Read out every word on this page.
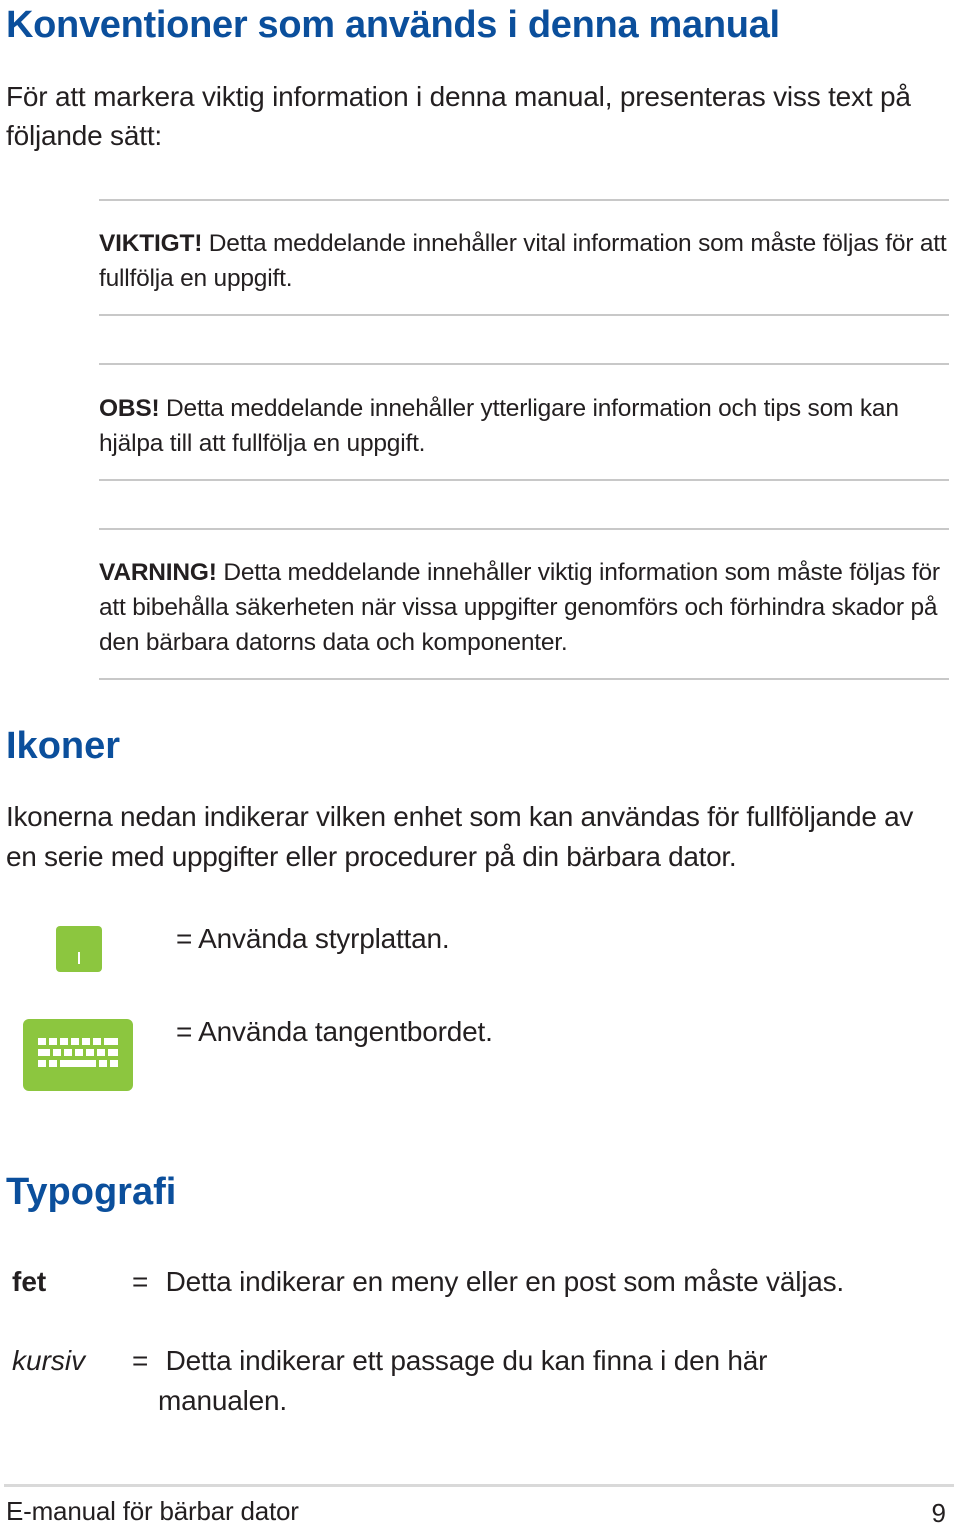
Konventioner som används i denna manual
För att markera viktig information i denna manual, presenteras viss text på följande sätt:
VIKTIGT! Detta meddelande innehåller vital information som måste följas för att fullfölja en uppgift.
OBS! Detta meddelande innehåller ytterligare information och tips som kan hjälpa till att fullfölja en uppgift.
VARNING! Detta meddelande innehåller viktig information som måste följas för att bibehålla säkerheten när vissa uppgifter genomförs och förhindra skador på den bärbara datorns data och komponenter.
Ikoner
Ikonerna nedan indikerar vilken enhet som kan användas för fullföljande av en serie med uppgifter eller procedurer på din bärbara dator.
= Använda styrplattan.
= Använda tangentbordet.
Typografi
fet	= Detta indikerar en meny eller en post som måste väljas.
kursiv = Detta indikerar ett passage du kan finna i den här
manualen.
E-manual för bärbar dator	9
